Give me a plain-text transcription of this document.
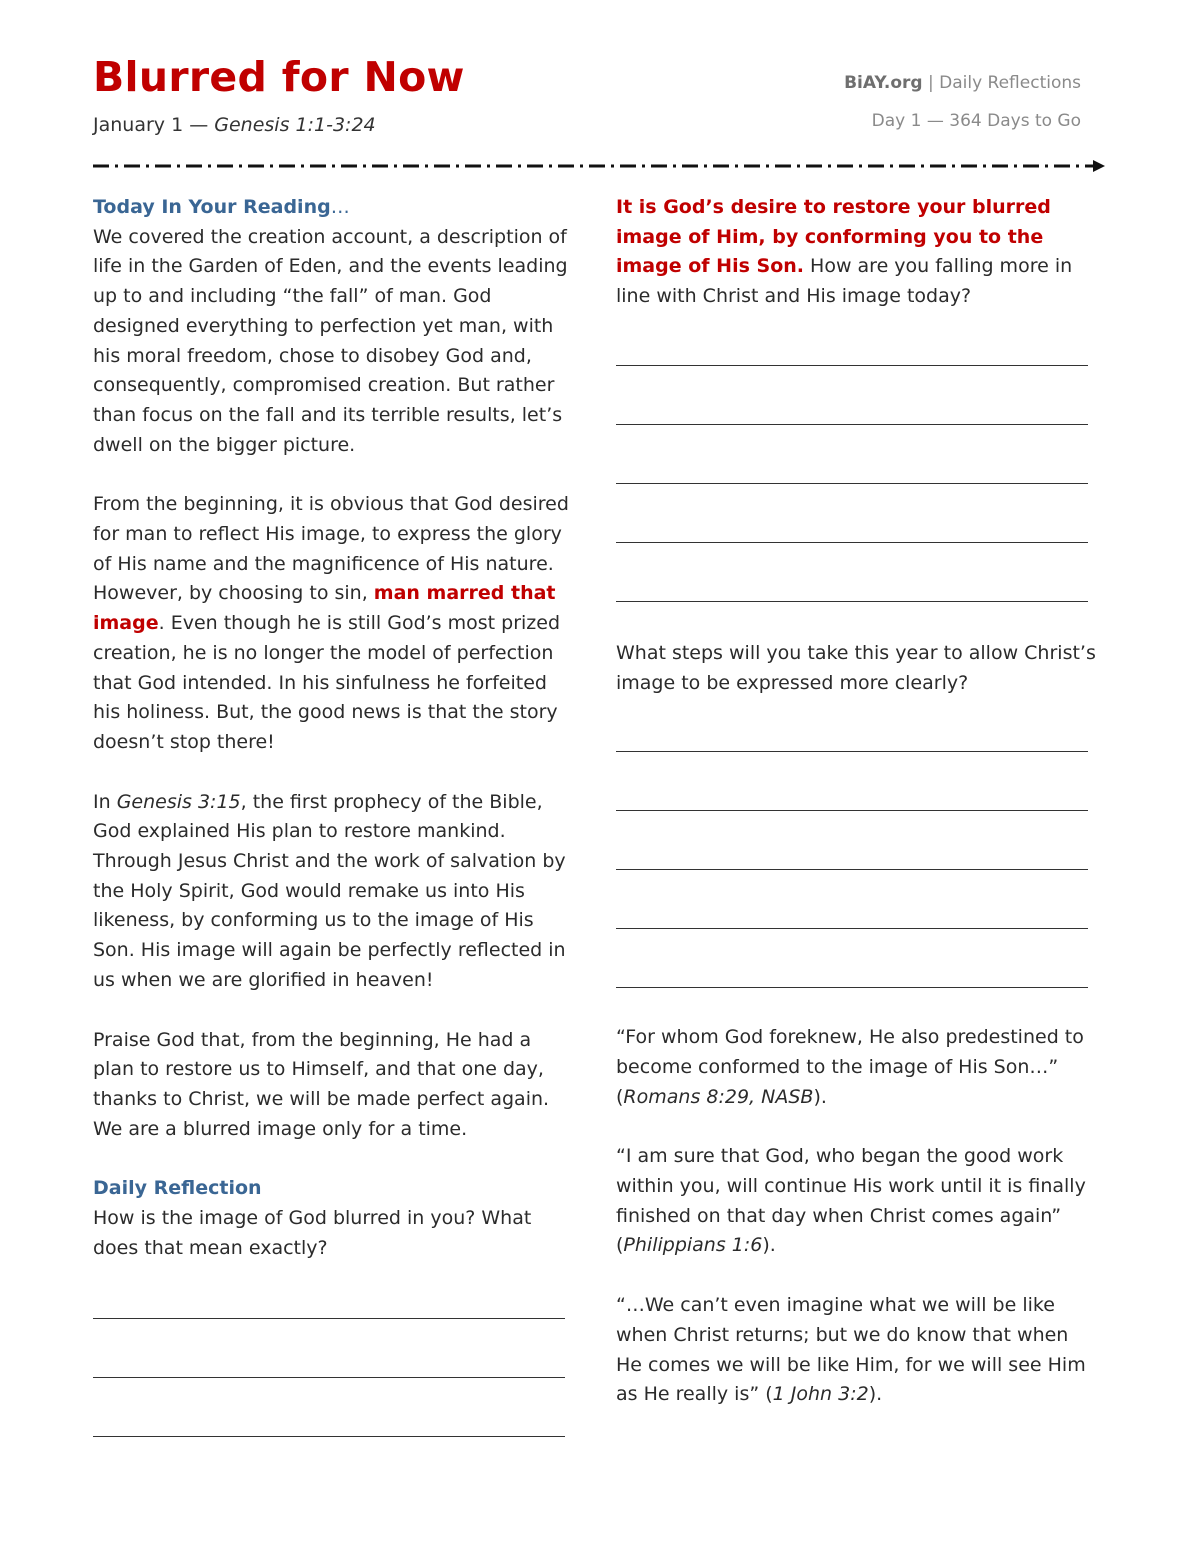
Blurred for Now
January 1 — Genesis 1:1-3:24
BiAY.org | Daily Reflections
Day 1 — 364 Days to Go

Today In Your Reading…

We covered the creation account, a description of life in the Garden of Eden, and the events leading up to and including “the fall” of man. God designed everything to perfection yet man, with his moral freedom, chose to disobey God and, consequently, compromised creation. But rather than focus on the fall and its terrible results, let’s dwell on the bigger picture.

From the beginning, it is obvious that God desired for man to reflect His image, to express the glory of His name and the magnificence of His nature. However, by choosing to sin, man marred that image. Even though he is still God’s most prized creation, he is no longer the model of perfection that God intended. In his sinfulness he forfeited his holiness. But, the good news is that the story doesn’t stop there!

In Genesis 3:15, the first prophecy of the Bible, God explained His plan to restore mankind. Through Jesus Christ and the work of salvation by the Holy Spirit, God would remake us into His likeness, by conforming us to the image of His Son. His image will again be perfectly reflected in us when we are glorified in heaven!

Praise God that, from the beginning, He had a plan to restore us to Himself, and that one day, thanks to Christ, we will be made perfect again. We are a blurred image only for a time.

Daily Reflection

How is the image of God blurred in you? What does that mean exactly?

It is God’s desire to restore your blurred image of Him, by conforming you to the image of His Son. How are you falling more in line with Christ and His image today?

What steps will you take this year to allow Christ’s image to be expressed more clearly?

“For whom God foreknew, He also predestined to become conformed to the image of His Son…” (Romans 8:29, NASB).

“I am sure that God, who began the good work within you, will continue His work until it is finally finished on that day when Christ comes again” (Philippians 1:6).

“…We can’t even imagine what we will be like when Christ returns; but we do know that when He comes we will be like Him, for we will see Him as He really is” (1 John 3:2).
